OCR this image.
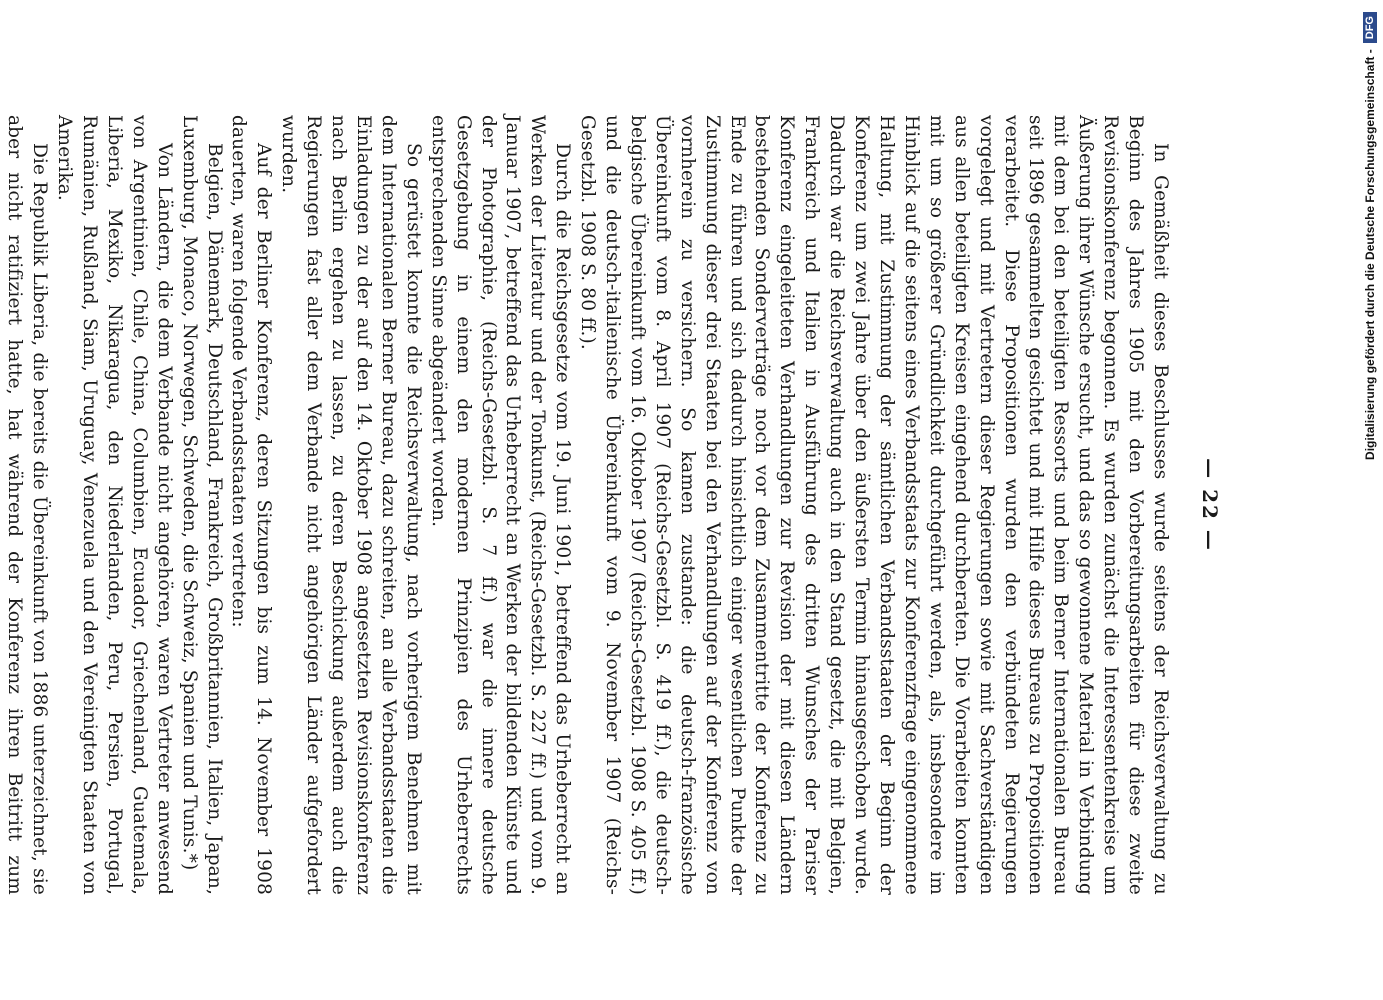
— 22 —

In Gemäßheit dieses Beschlusses wurde seitens der Reichsverwaltung zu Beginn des Jahres 1905 mit den Vorbereitungsarbeiten für diese zweite Revisionskonferenz begonnen. Es wurden zunächst die Interessentenkreise um Äußerung ihrer Wünsche ersucht, und das so gewonnene Material in Verbindung mit dem bei den beteiligten Ressorts und beim Berner Internationalen Bureau seit 1896 gesammelten gesichtet und mit Hilfe dieses Bureaus zu Propositionen verarbeitet. Diese Propositionen wurden den verbündeten Regierungen vorgelegt und mit Vertretern dieser Regierungen sowie mit Sachverständigen aus allen beteiligten Kreisen eingehend durchberaten. Die Vorarbeiten konnten mit um so größerer Gründlichkeit durchgeführt werden, als, insbesondere im Hinblick auf die seitens eines Verbandsstaats zur Konferenzfrage eingenommene Haltung, mit Zustimmung der sämtlichen Verbandsstaaten der Beginn der Konferenz um zwei Jahre über den äußersten Termin hinausgeschoben wurde. Dadurch war die Reichsverwaltung auch in den Stand gesetzt, die mit Belgien, Frankreich und Italien in Ausführung des dritten Wunsches der Pariser Konferenz eingeleiteten Verhandlungen zur Revision der mit diesen Ländern bestehenden Sonderverträge noch vor dem Zusammentritte der Konferenz zu Ende zu führen und sich dadurch hinsichtlich einiger wesentlichen Punkte der Zustimmung dieser drei Staaten bei den Verhandlungen auf der Konferenz von vornherein zu versichern. So kamen zustande: die deutsch-französische Übereinkunft vom 8. April 1907 (Reichs-Gesetzbl. S. 419 ff.), die deutsch-belgische Übereinkunft vom 16. Oktober 1907 (Reichs-Gesetzbl. 1908 S. 405 ff.) und die deutsch-italienische Übereinkunft vom 9. November 1907 (Reichs-Gesetzbl. 1908 S. 80 ff.).

Durch die Reichsgesetze vom 19. Juni 1901, betreffend das Urheberrecht an Werken der Literatur und der Tonkunst, (Reichs-Gesetzbl. S. 227 ff.) und vom 9. Januar 1907, betreffend das Urheberrecht an Werken der bildenden Künste und der Photographie, (Reichs-Gesetzbl. S. 7 ff.) war die innere deutsche Gesetzgebung in einem den modernen Prinzipien des Urheberrechts entsprechenden Sinne abgeändert worden.

So gerüstet konnte die Reichsverwaltung, nach vorherigem Benehmen mit dem Internationalen Berner Bureau, dazu schreiten, an alle Verbandsstaaten die Einladungen zu der auf den 14. Oktober 1908 angesetzten Revisionskonferenz nach Berlin ergehen zu lassen, zu deren Beschickung außerdem auch die Regierungen fast aller dem Verbande nicht angehörigen Länder aufgefordert wurden.

Auf der Berliner Konferenz, deren Sitzungen bis zum 14. November 1908 dauerten, waren folgende Verbandsstaaten vertreten:

Belgien, Dänemark, Deutschland, Frankreich, Großbritannien, Italien, Japan, Luxemburg, Monaco, Norwegen, Schweden, die Schweiz, Spanien und Tunis.*)

Von Ländern, die dem Verbande nicht angehören, waren Vertreter anwesend von Argentinien, Chile, China, Columbien, Ecuador, Griechenland, Guatemala, Liberia, Mexiko, Nikaragua, den Niederlanden, Peru, Persien, Portugal, Rumänien, Rußland, Siam, Uruguay, Venezuela und den Vereinigten Staaten von Amerika.

Die Republik Liberia, die bereits die Übereinkunft von 1886 unterzeichnet, sie aber nicht ratifiziert hatte, hat während der Konferenz ihren Beitritt zum

Digitalisierung gefördert durch die Deutsche Forschungsgemeinschaft -
DFG
